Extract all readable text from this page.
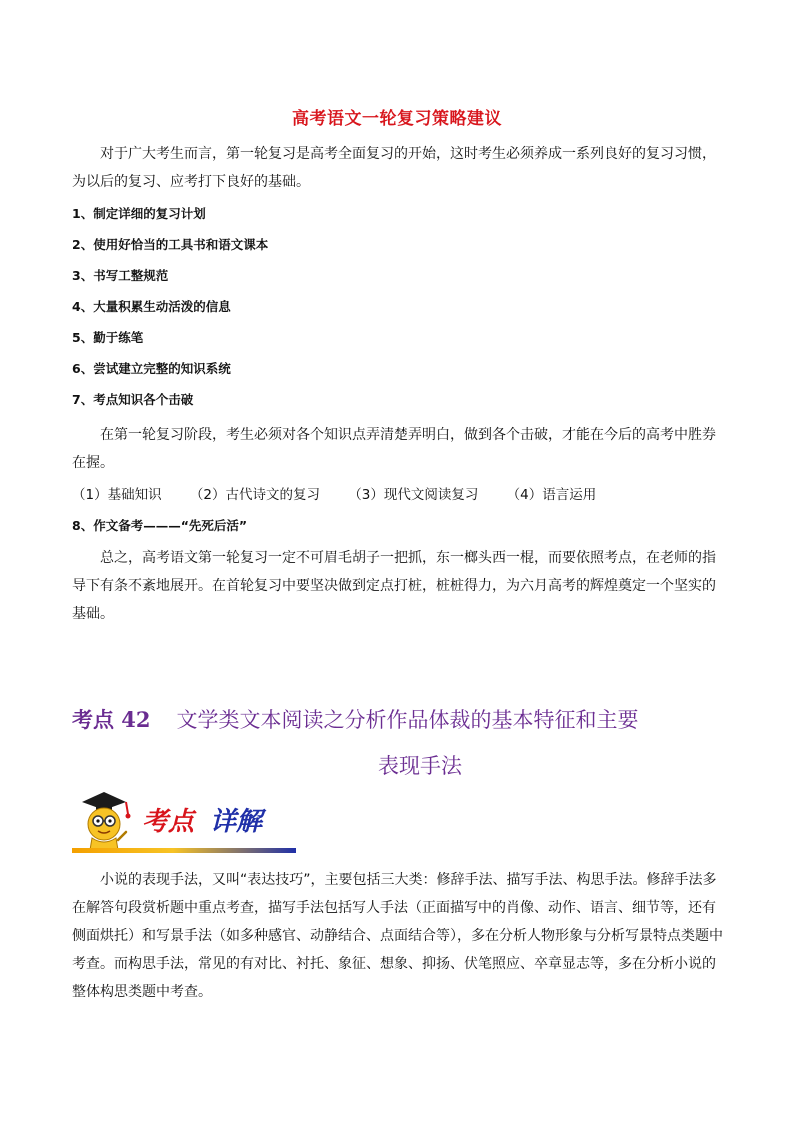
高考语文一轮复习策略建议
对于广大考生而言，第一轮复习是高考全面复习的开始，这时考生必须养成一系列良好的复习习惯，为以后的复习、应考打下良好的基础。
1、制定详细的复习计划
2、使用好恰当的工具书和语文课本
3、书写工整规范
4、大量积累生动活泼的信息
5、勤于练笔
6、尝试建立完整的知识系统
7、考点知识各个击破
在第一轮复习阶段，考生必须对各个知识点弄清楚弄明白，做到各个击破，才能在今后的高考中胜券在握。
（1）基础知识 （2）古代诗文的复习 （3）现代文阅读复习 （4）语言运用
8、作文备考———“先死后活”
总之，高考语文第一轮复习一定不可眉毛胡子一把抓，东一榔头西一棍，而要依照考点，在老师的指导下有条不紊地展开。在首轮复习中要坚决做到定点打桩，桩桩得力，为六月高考的辉煌奠定一个坚实的基础。
考点 42 文学类文本阅读之分析作品体裁的基本特征和主要
表现手法
考点 详解
小说的表现手法，又叫“表达技巧”，主要包括三大类：修辞手法、描写手法、构思手法。修辞手法多在解答句段赏析题中重点考查，描写手法包括写人手法（正面描写中的肖像、动作、语言、细节等，还有侧面烘托）和写景手法（如多种感官、动静结合、点面结合等），多在分析人物形象与分析写景特点类题中考查。而构思手法，常见的有对比、衬托、象征、想象、抑扬、伏笔照应、卒章显志等，多在分析小说的整体构思类题中考查。
